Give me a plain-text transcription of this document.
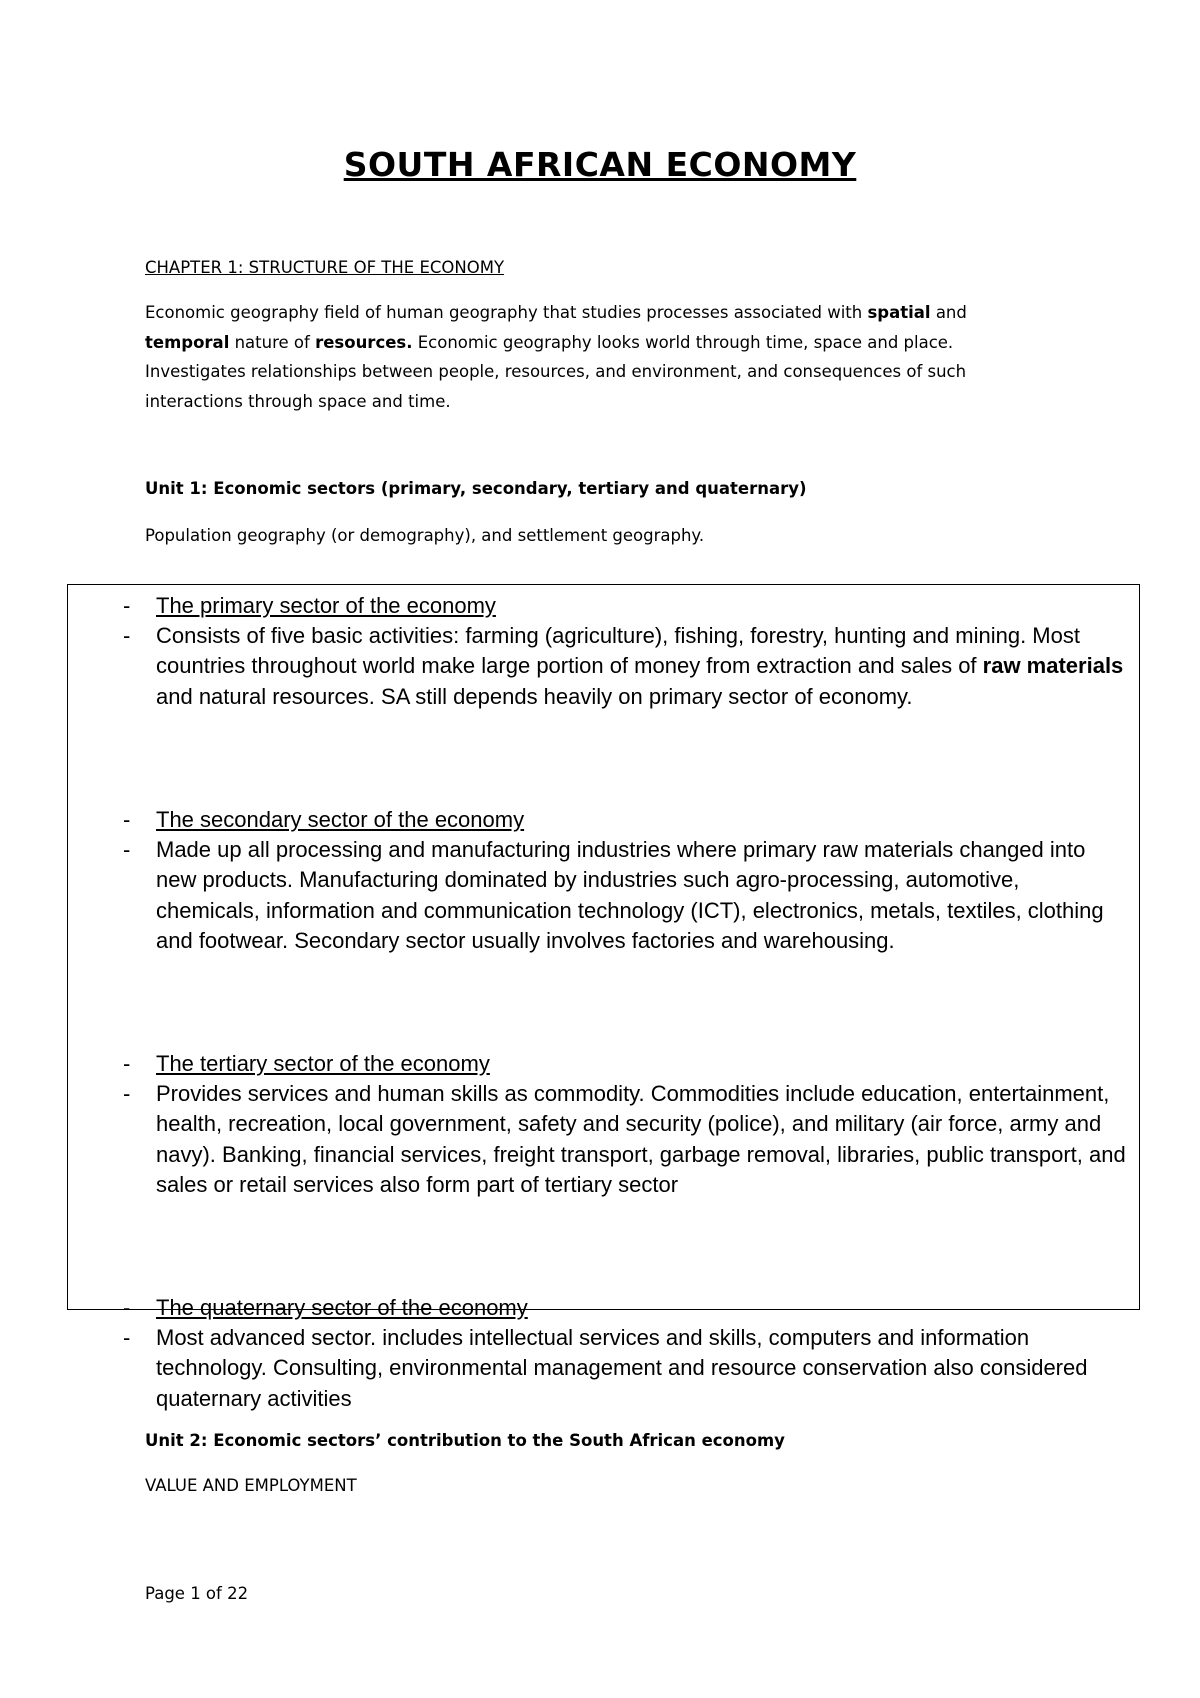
SOUTH AFRICAN ECONOMY
CHAPTER 1: STRUCTURE OF THE ECONOMY

Economic geography field of human geography that studies processes associated with spatial and temporal nature of resources. Economic geography looks world through time, space and place. Investigates relationships between people, resources, and environment, and consequences of such interactions through space and time.

Unit 1: Economic sectors (primary, secondary, tertiary and quaternary)
Population geography (or demography), and settlement geography.
- The primary sector of the economy
- Consists of five basic activities: farming (agriculture), fishing, forestry, hunting and mining. Most countries throughout world make large portion of money from extraction and sales of raw materials and natural resources. SA still depends heavily on primary sector of economy.
- The secondary sector of the economy
- Made up all processing and manufacturing industries where primary raw materials changed into new products. Manufacturing dominated by industries such agro-processing, automotive, chemicals, information and communication technology (ICT), electronics, metals, textiles, clothing and footwear. Secondary sector usually involves factories and warehousing.
- The tertiary sector of the economy
- Provides services and human skills as commodity. Commodities include education, entertainment, health, recreation, local government, safety and security (police), and military (air force, army and navy). Banking, financial services, freight transport, garbage removal, libraries, public transport, and sales or retail services also form part of tertiary sector
- The quaternary sector of the economy
- Most advanced sector. includes intellectual services and skills, computers and information technology. Consulting, environmental management and resource conservation also considered quaternary activities
Unit 2: Economic sectors’ contribution to the South African economy
VALUE AND EMPLOYMENT
Page 1 of 22
